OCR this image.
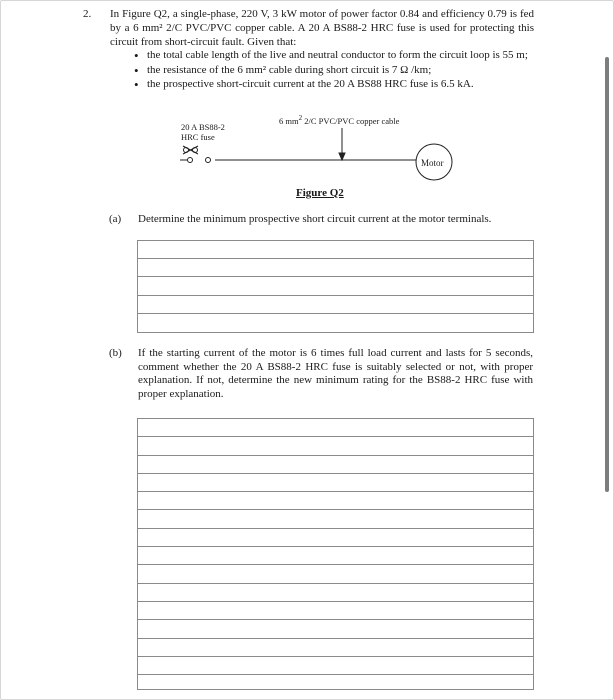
2. In Figure Q2, a single-phase, 220 V, 3 kW motor of power factor 0.84 and efficiency 0.79 is fed by a 6 mm² 2/C PVC/PVC copper cable. A 20 A BS88-2 HRC fuse is used for protecting this circuit from short-circuit fault. Given that:

• the total cable length of the live and neutral conductor to form the circuit loop is 55 m;
• the resistance of the 6 mm² cable during short circuit is 7 Ω /km;
• the prospective short-circuit current at the 20 A BS88 HRC fuse is 6.5 kA.
20 A BS88-2
HRC fuse
6 $mm^2$ 2/C PVC/PVC copper cable
Motor
Figure Q2
(a) Determine the minimum prospective short circuit current at the motor terminals.
(b) If the starting current of the motor is 6 times full load current and lasts for 5 seconds, comment whether the 20 A BS88-2 HRC fuse is suitably selected or not, with proper explanation. If not, determine the new minimum rating for the BS88-2 HRC fuse with proper explanation.
